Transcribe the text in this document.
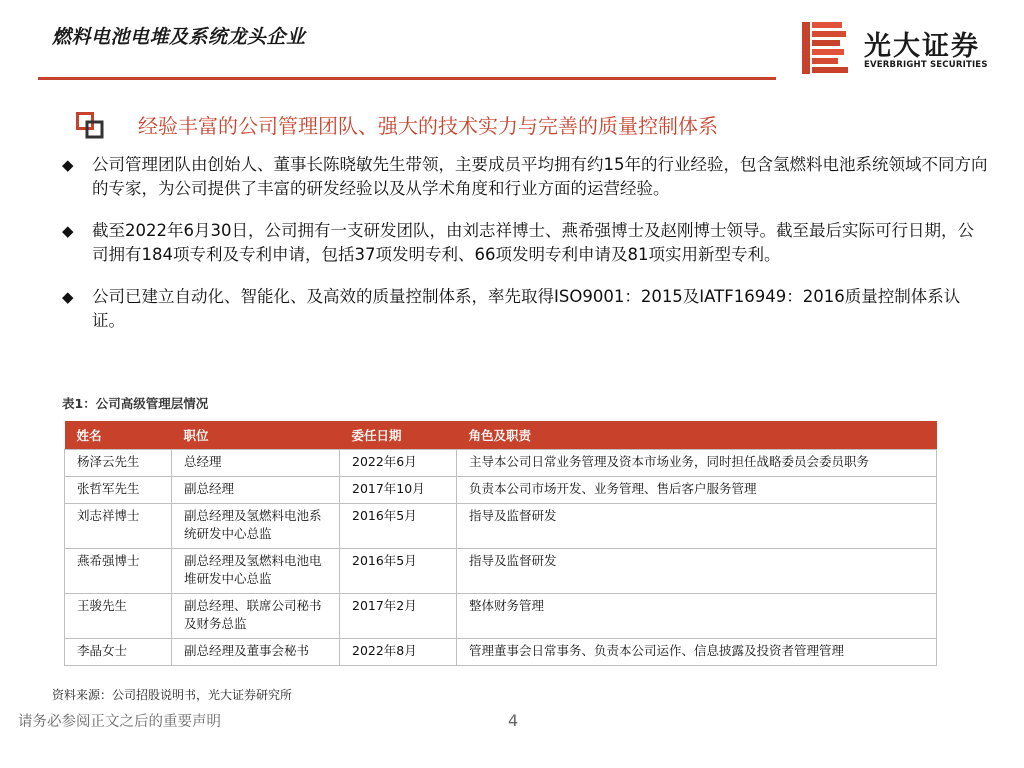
燃料电池电堆及系统龙头企业	光大证券
EVERBRIGHT SECURITIES
经验丰富的公司管理团队、强大的技术实力与完善的质量控制体系
◆ 公司管理团队由创始人、董事长陈晓敏先生带领，主要成员平均拥有约15年的行业经验，包含氢燃料电池系统领域不同方向的专家，为公司提供了丰富的研发经验以及从学术角度和行业方面的运营经验。
◆ 截至2022年6月30日，公司拥有一支研发团队，由刘志祥博士、燕希强博士及赵刚博士领导。截至最后实际可行日期，公司拥有184项专利及专利申请，包括37项发明专利、66项发明专利申请及81项实用新型专利。
◆ 公司已建立自动化、智能化、及高效的质量控制体系，率先取得ISO9001：2015及IATF16949：2016质量控制体系认证。
表1：公司高级管理层情况
姓名	职位	委任日期	角色及职责
杨泽云先生	总经理	2022年6月	主导本公司日常业务管理及资本市场业务，同时担任战略委员会委员职务
张哲军先生	副总经理	2017年10月	负责本公司市场开发、业务管理、售后客户服务管理
刘志祥博士	副总经理及氢燃料电池系统研发中心总监	2016年5月	指导及监督研发
燕希强博士	副总经理及氢燃料电池电堆研发中心总监	2016年5月	指导及监督研发
王骏先生	副总经理、联席公司秘书及财务总监	2017年2月	整体财务管理
李晶女士	副总经理及董事会秘书	2022年8月	管理董事会日常事务、负责本公司运作、信息披露及投资者管理管理
资料来源：公司招股说明书，光大证券研究所
请务必参阅正文之后的重要声明	4
